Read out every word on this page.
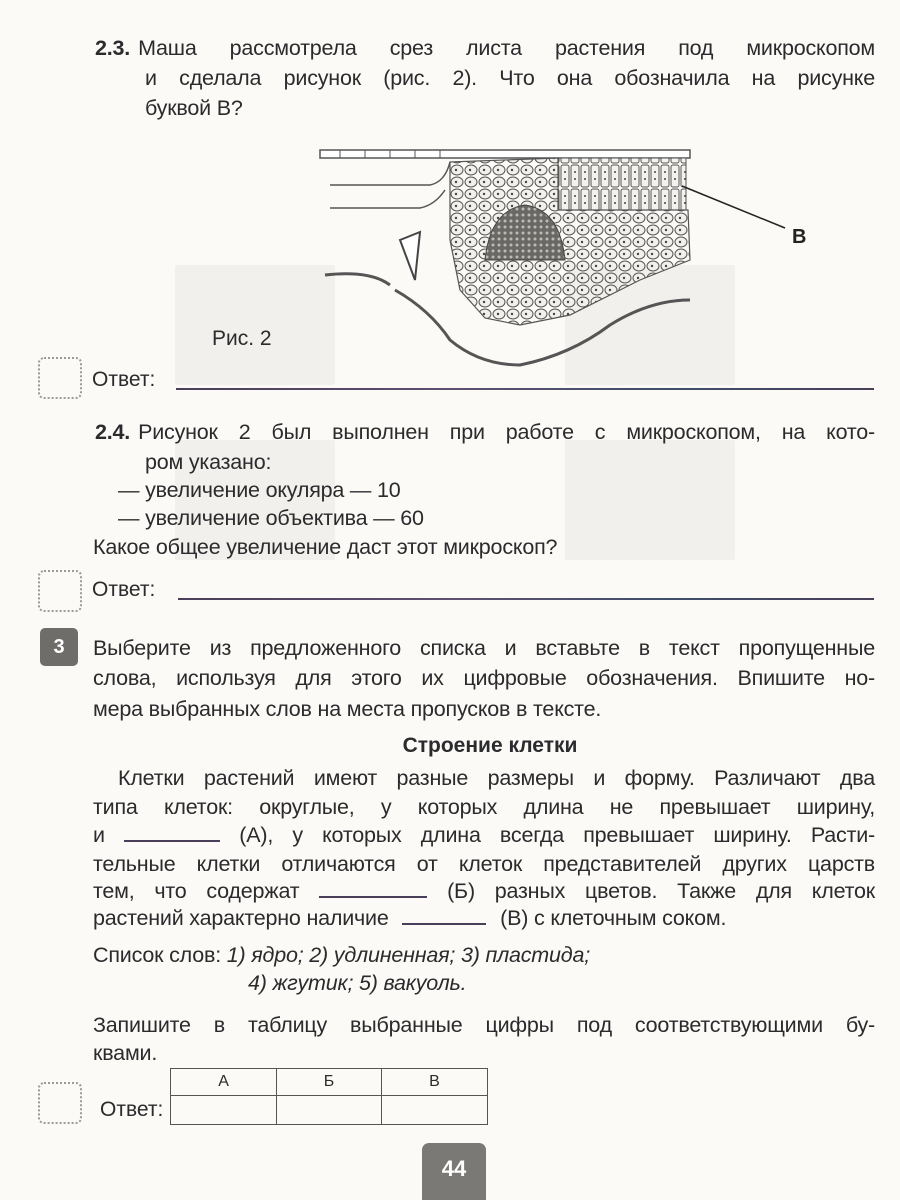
2.3. Маша рассмотрела срез листа растения под микроскопом
и сделала рисунок (рис. 2). Что она обозначила на рисунке
буквой В?
В
Рис. 2
Ответ:
2.4. Рисунок 2 был выполнен при работе с микроскопом, на кото-
ром указано:
— увеличение окуляра — 10
— увеличение объектива — 60
Какое общее увеличение даст этот микроскоп?
Ответ:
3	Выберите из предложенного списка и вставьте в текст пропущенные
слова, используя для этого их цифровые обозначения. Впишите но-
мера выбранных слов на места пропусков в тексте.
Строение клетки
Клетки растений имеют разные размеры и форму. Различают два
типа клеток: округлые, у которых длина не превышает ширину,
и	(А), у которых длина всегда превышает ширину. Расти-
тельные клетки отличаются от клеток представителей других царств
тем, что содержат	(Б) разных цветов. Также для клеток
растений характерно наличие	(В) с клеточным соком.
Список слов: 1) ядро; 2) удлиненная; 3) пластида;
4) жгутик; 5) вакуоль.
Запишите в таблицу выбранные цифры под соответствующими бу-
квами.
Ответ:
А	Б	В

44
